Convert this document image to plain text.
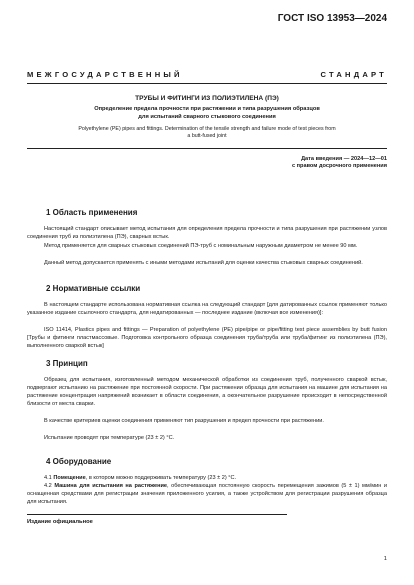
ГОСТ ISO 13953—2024
МЕЖГОСУДАРСТВЕННЫЙ СТАНДАРТ
ТРУБЫ И ФИТИНГИ ИЗ ПОЛИЭТИЛЕНА (ПЭ)
Определение предела прочности при растяжении и типа разрушения образцов
для испытаний сварного стыкового соединения
Polyethylene (PE) pipes and fittings. Determination of the tensile strength and failure mode of test pieces from
a butt-fused joint
Дата введения — 2024—12—01
с правом досрочного применения
1 Область применения
Настоящий стандарт описывает метод испытания для определения предела прочности и типа разрушения при растяжении узлов соединения труб из полиэтилена (ПЭ), сварных встык.
Метод применяется для сварных стыковых соединений ПЭ-труб с номинальным наружным диаметром не менее 90 мм.
Данный метод допускается применять с иными методами испытаний для оценки качества стыковых сварных соединений.
2 Нормативные ссылки
В настоящем стандарте использована нормативная ссылка на следующий стандарт [для датированных ссылок применяют только указанное издание ссылочного стандарта, для недатированных — последнее издание (включая все изменения)]:
ISO 11414, Plastics pipes and fittings — Preparation of polyethylene (PE) pipe/pipe or pipe/fitting test piece assemblies by butt fusion [Трубы и фитинги пластмассовые. Подготовка контрольного образца соединения труба/труба или труба/фитинг из полиэтилена (ПЭ), выполненного сваркой встык]
3 Принцип
Образец для испытания, изготовленный методом механической обработки из соединения труб, полученного сваркой встык, подвергают испытанию на растяжение при постоянной скорости. При растяжении образца для испытания на машине для испытания на растяжение концентрация напряжений возникает в области соединения, а окончательное разрушение происходит в непосредственной близости от места сварки.
В качестве критериев оценки соединения применяют тип разрушения и предел прочности при растяжении.
Испытание проводят при температуре (23 ± 2) °С.
4 Оборудование
4.1 Помещение, в котором можно поддерживать температуру (23 ± 2) °С.
4.2 Машина для испытания на растяжение, обеспечивающая постоянную скорость перемещения зажимов (5 ± 1) мм/мин и оснащенная средствами для регистрации значения приложенного усилия, а также устройством для регистрации разрушения образца для испытания.
Издание официальное
1
